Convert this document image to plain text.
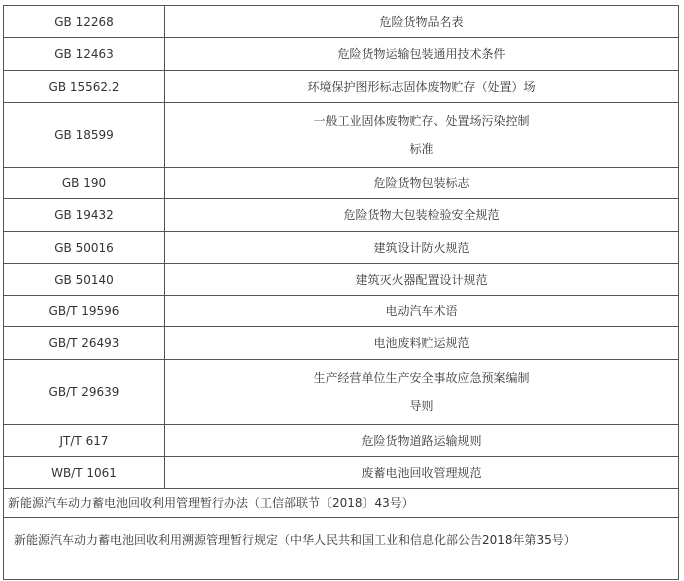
GB 12268	危险货物品名表
GB 12463	危险货物运输包装通用技术条件
GB 15562.2	环境保护图形标志固体废物贮存（处置）场
GB 18599	一般工业固体废物贮存、处置场污染控制
标准

GB 190	危险货物包装标志
GB 19432	危险货物大包装检验安全规范
GB 50016	建筑设计防火规范
GB 50140	建筑灭火器配置设计规范
GB/T 19596	电动汽车术语
GB/T 26493	电池废料贮运规范
GB/T 29639	生产经营单位生产安全事故应急预案编制
导则

JT/T 617	危险货物道路运输规则
WB/T 1061	废蓄电池回收管理规范
新能源汽车动力蓄电池回收利用管理暂行办法（工信部联节〔2018〕43号）	
新能源汽车动力蓄电池回收利用溯源管理暂行规定（中华人民共和国工业和信息化部公告2018年第35号）	
